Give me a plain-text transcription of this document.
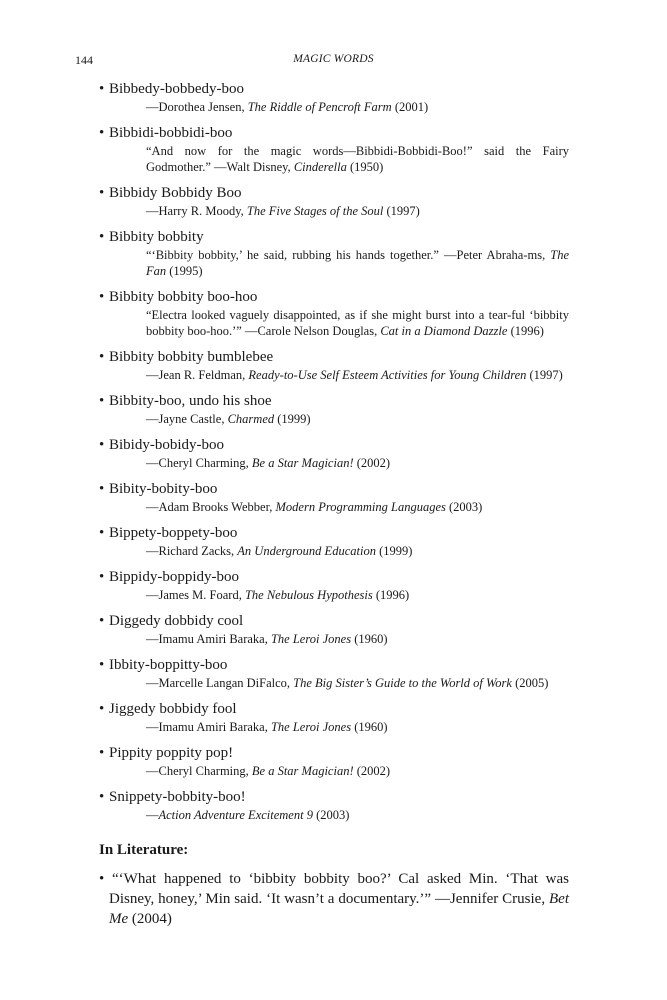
144	MAGIC WORDS
• Bibbedy-bobbedy-boo
—Dorothea Jensen, The Riddle of Pencroft Farm (2001)
• Bibbidi-bobbidi-boo
“And now for the magic words—Bibbidi-Bobbidi-Boo!” said the Fairy Godmother.” —Walt Disney, Cinderella (1950)
• Bibbidy Bobbidy Boo
—Harry R. Moody, The Five Stages of the Soul (1997)
• Bibbity bobbity
“‘Bibbity bobbity,’ he said, rubbing his hands together.” —Peter Abraha-ms, The Fan (1995)
• Bibbity bobbity boo-hoo
“Electra looked vaguely disappointed, as if she might burst into a tear-ful ‘bibbity bobbity boo-hoo.’” —Carole Nelson Douglas, Cat in a Diamond Dazzle (1996)
• Bibbity bobbity bumblebee
—Jean R. Feldman, Ready-to-Use Self Esteem Activities for Young Children (1997)
• Bibbity-boo, undo his shoe
—Jayne Castle, Charmed (1999)
• Bibidy-bobidy-boo
—Cheryl Charming, Be a Star Magician! (2002)
• Bibity-bobity-boo
—Adam Brooks Webber, Modern Programming Languages (2003)
• Bippety-boppety-boo
—Richard Zacks, An Underground Education (1999)
• Bippidy-boppidy-boo
—James M. Foard, The Nebulous Hypothesis (1996)
• Diggedy dobbidy cool
—Imamu Amiri Baraka, The Leroi Jones (1960)
• Ibbity-boppitty-boo
—Marcelle Langan DiFalco, The Big Sister’s Guide to the World of Work (2005)
• Jiggedy bobbidy fool
—Imamu Amiri Baraka, The Leroi Jones (1960)
• Pippity poppity pop!
—Cheryl Charming, Be a Star Magician! (2002)
• Snippety-bobbity-boo!
—Action Adventure Excitement 9 (2003)
In Literature:
• “‘What happened to ‘bibbity bobbity boo?’ Cal asked Min. ‘That was Disney, honey,’ Min said. ‘It wasn’t a documentary.’” —Jennifer Crusie, Bet Me (2004)
